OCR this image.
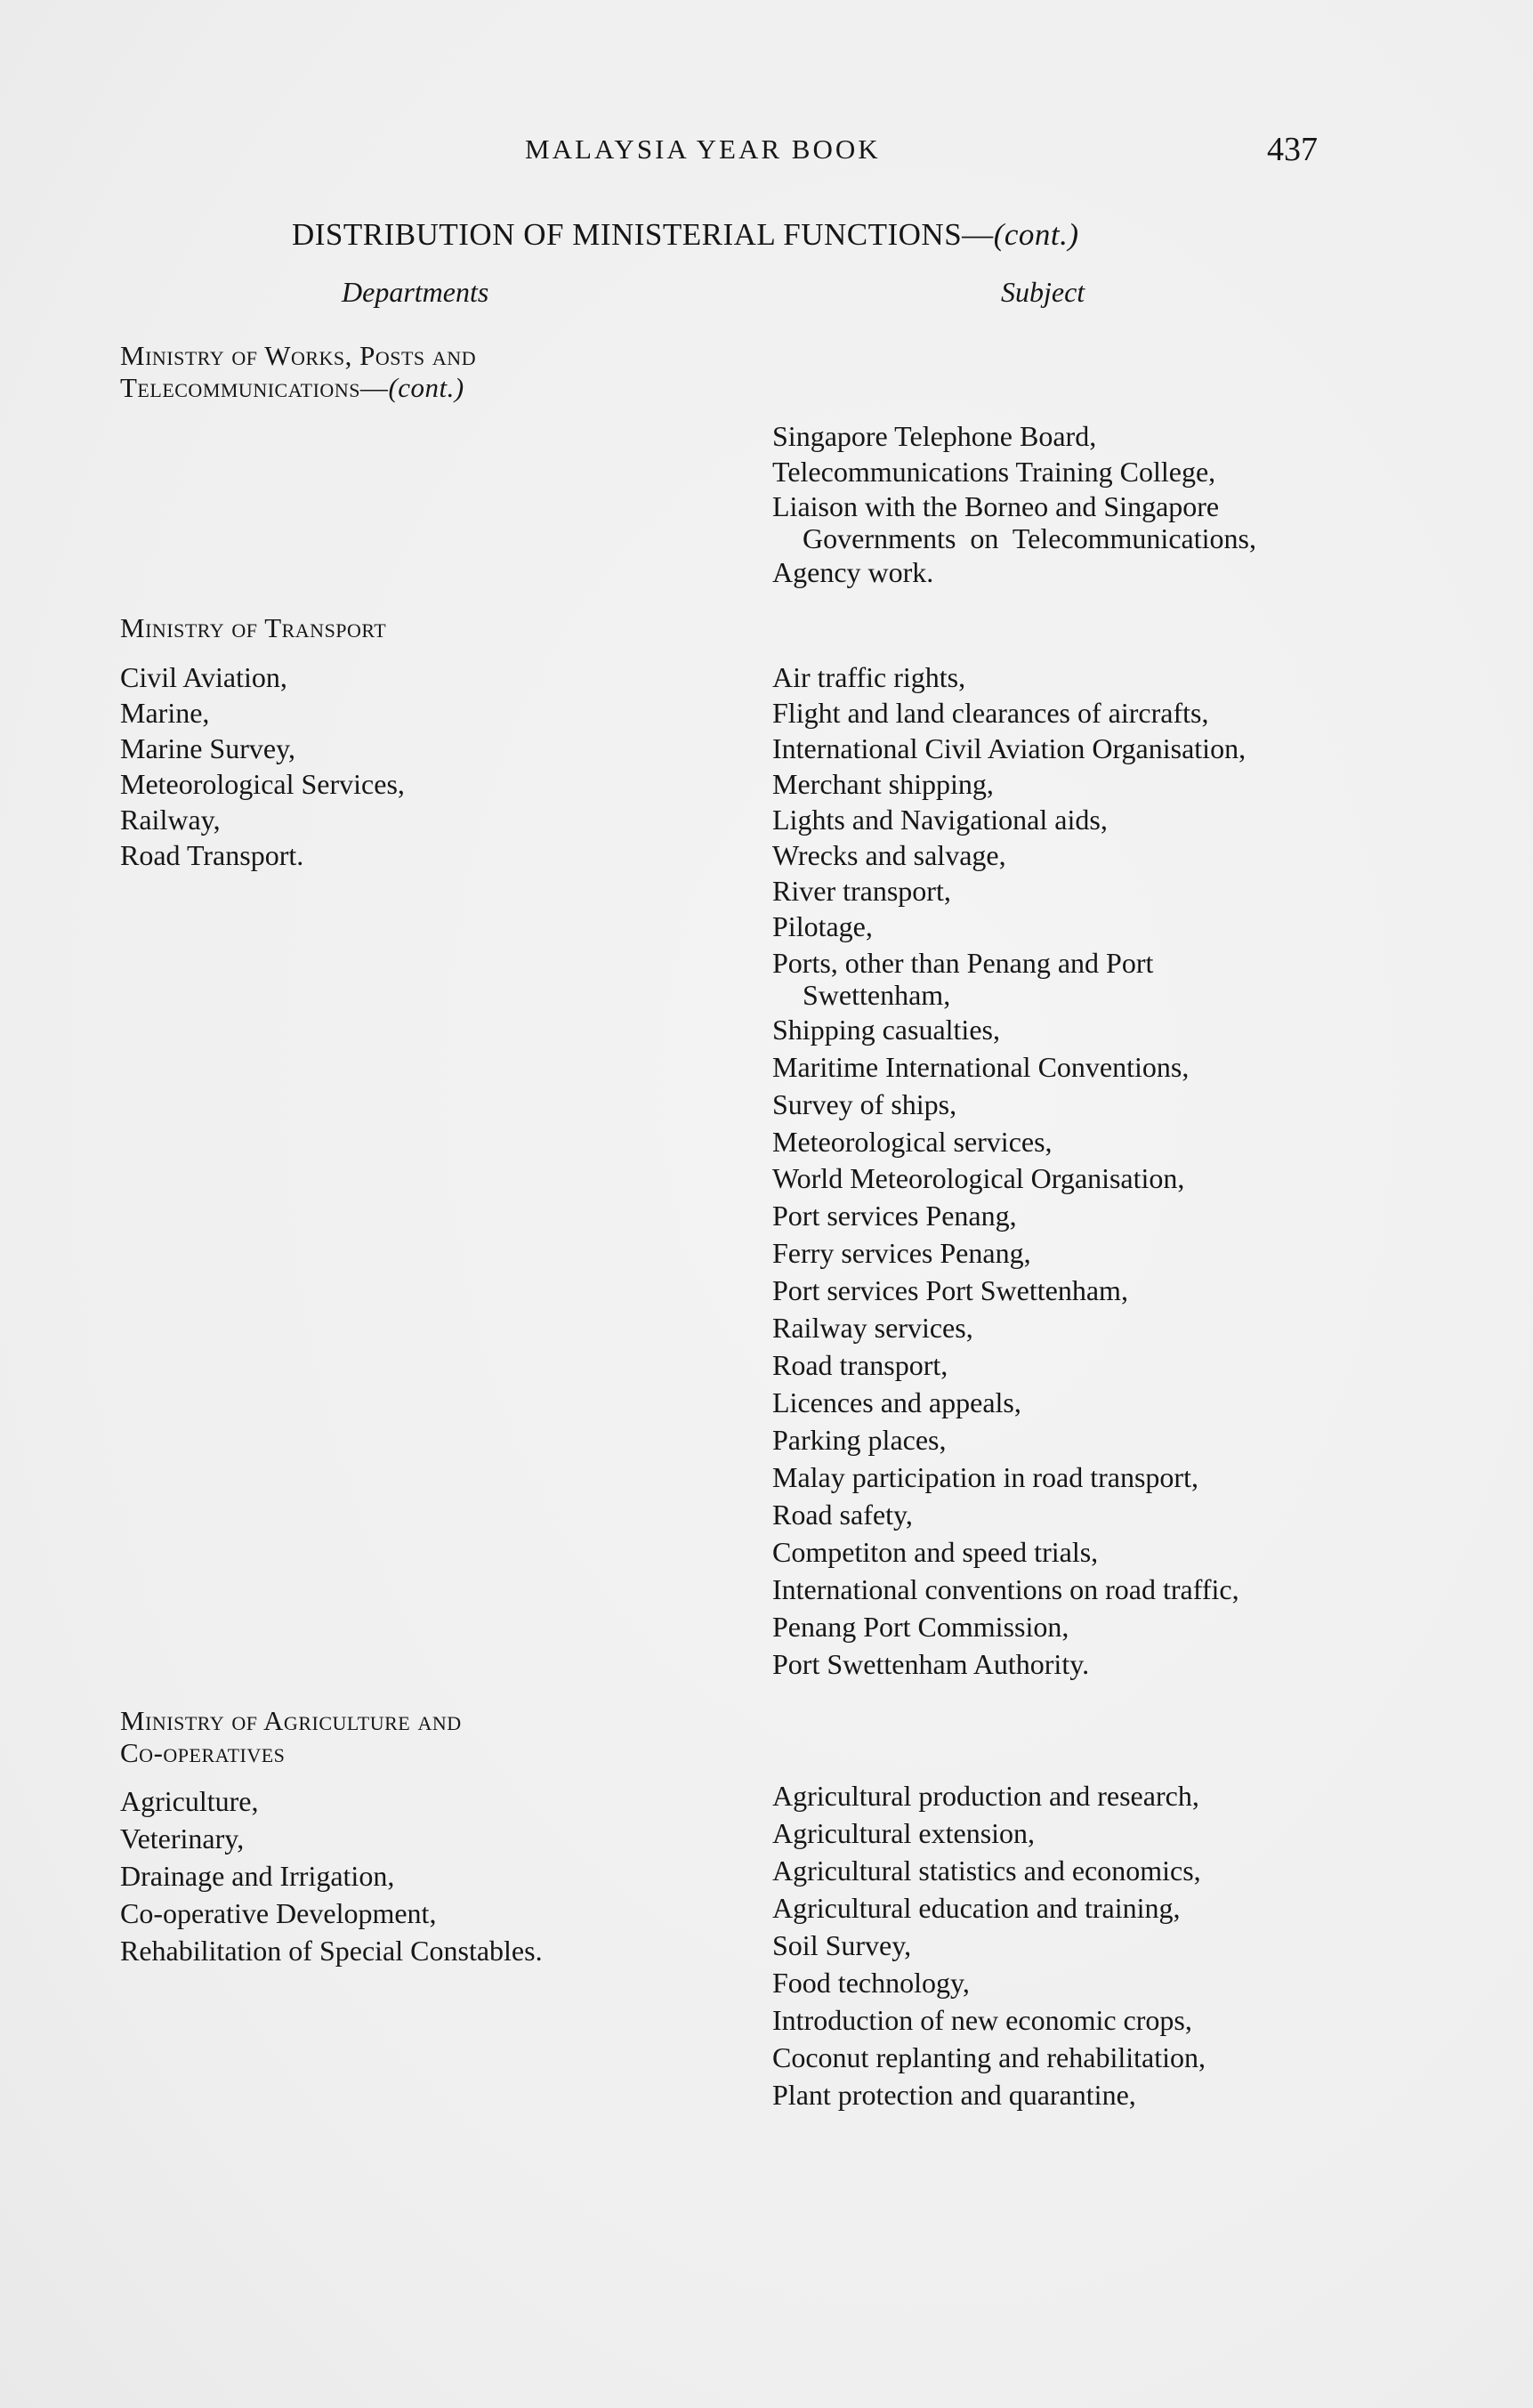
MALAYSIA YEAR BOOK	437
DISTRIBUTION OF MINISTERIAL FUNCTIONS—(cont.)
Departments	Subject
Ministry of Works, Posts and
Telecommunications—(cont.)
Singapore Telephone Board,
Telecommunications Training College,
Liaison with the Borneo and Singapore
Governments  on  Telecommunications,
Agency work.
Ministry of Transport
Civil Aviation,
Marine,
Marine Survey,
Meteorological Services,
Railway,
Road Transport.
Air traffic rights,
Flight and land clearances of aircrafts,
International Civil Aviation Organisation,
Merchant shipping,
Lights and Navigational aids,
Wrecks and salvage,
River transport,
Pilotage,
Ports, other than Penang and Port
Swettenham,
Shipping casualties,
Maritime International Conventions,
Survey of ships,
Meteorological services,
World Meteorological Organisation,
Port services Penang,
Ferry services Penang,
Port services Port Swettenham,
Railway services,
Road transport,
Licences and appeals,
Parking places,
Malay participation in road transport,
Road safety,
Competiton and speed trials,
International conventions on road traffic,
Penang Port Commission,
Port Swettenham Authority.
Ministry of Agriculture and
Co-operatives
Agriculture,
Veterinary,
Drainage and Irrigation,
Co-operative Development,
Rehabilitation of Special Constables.
Agricultural production and research,
Agricultural extension,
Agricultural statistics and economics,
Agricultural education and training,
Soil Survey,
Food technology,
Introduction of new economic crops,
Coconut replanting and rehabilitation,
Plant protection and quarantine,
